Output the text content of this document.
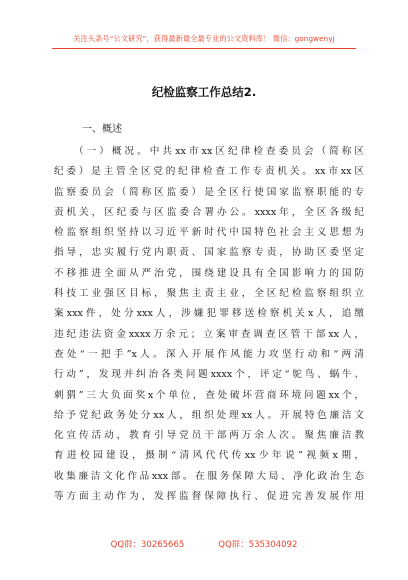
关注头条号“公文研究”，获得最新最全最专业的公文资料库！ 微信：gongwenyj
纪检监察工作总结2.
一、概述
（一）概况。中共xx市xx区纪律检查委员会（简称区
纪委）是主管全区党的纪律检查工作专责机关。xx市xx区
监察委员会（简称区监委）是全区行使国家监察职能的专
责机关，区纪委与区监委合署办公。xxxx年，全区各级纪
检监察组织坚持以习近平新时代中国特色社会主义思想为
指导，忠实履行党内职责、国家监察专责，协助区委坚定
不移推进全面从严治党，围绕建设具有全国影响力的国防
科技工业强区目标，聚焦主责主业，全区纪检监察组织立
案xxx件，处分xxx人，涉嫌犯罪移送检察机关x人，追缴
违纪违法资金xxxx万余元；立案审查调查区管干部xx人，
查处“一把手”x人。深入开展作风能力攻坚行动和“两清
行动”，发现并纠治各类问题xxxx个，评定“鸵鸟、蜗牛、
刺猬”三大负面奖x个单位，查处破坏营商环境问题xx个，
给予党纪政务处分xx人，组织处理xx人。开展特色廉洁文
化宣传活动，教育引导党员干部两万余人次。聚焦廉洁教
育进校园建设，摄制“清风代代传xx少年说”视频x期，
收集廉洁文化作品xxx部。在服务保障大局、净化政治生态
等方面主动作为，发挥监督保障执行、促进完善发展作用
QQ群：30265665	QQ群：535304092
